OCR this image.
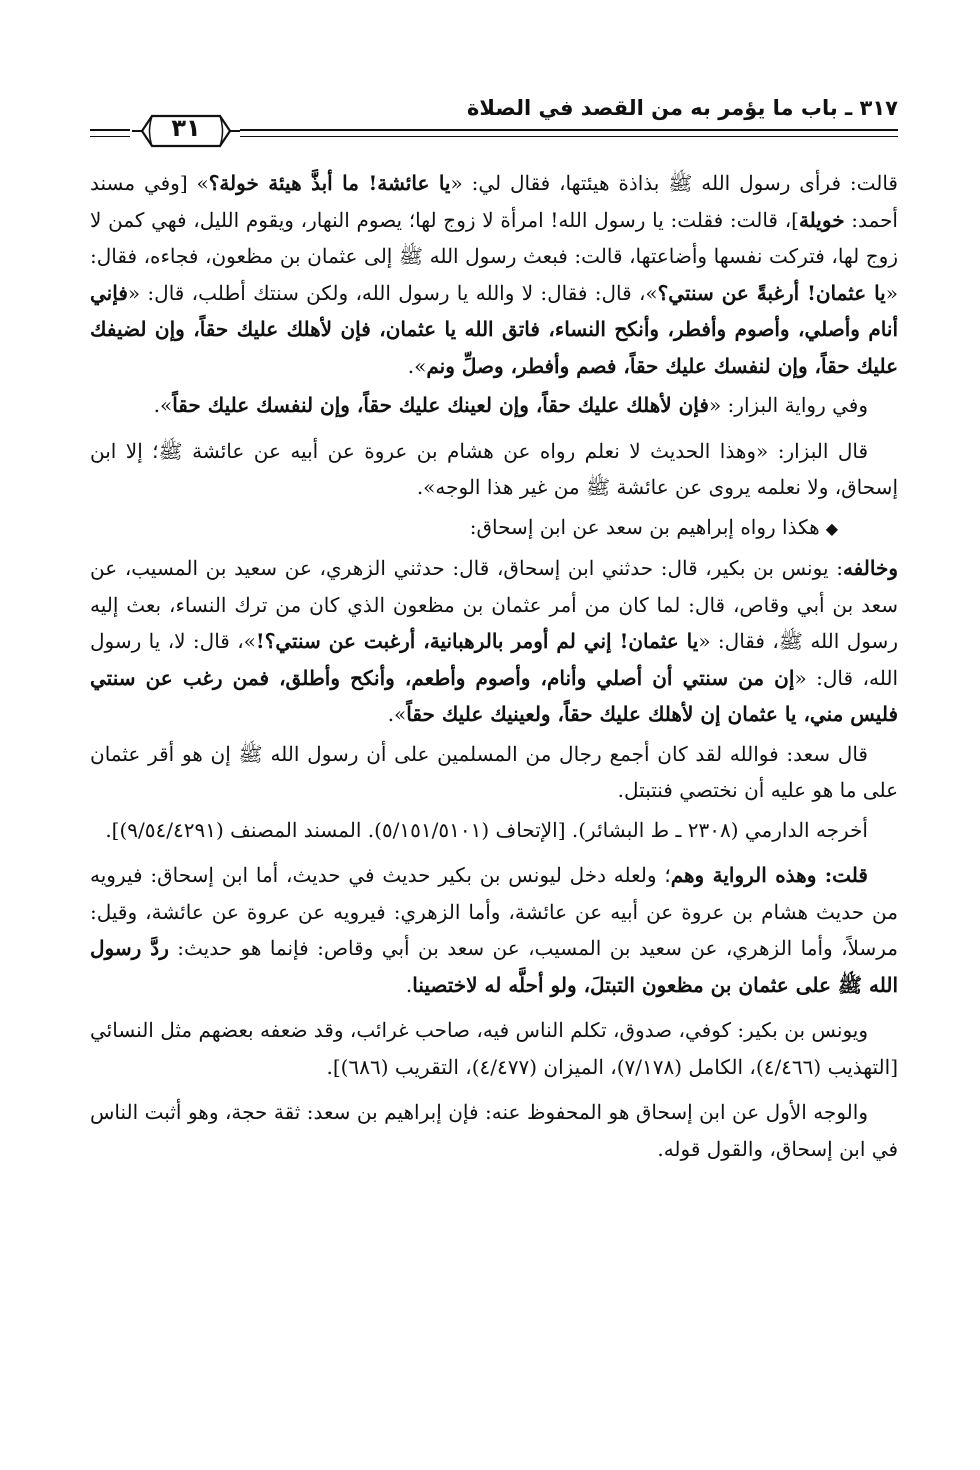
٣١٧ ـ باب ما يؤمر به من القصد في الصلاة
٣١

قالت: فرأى رسول الله ﷺ بذاذة هيئتها، فقال لي: «يا عائشة! ما أبذَّ هيئة خولة؟» [وفي مسند أحمد: خويلة]، قالت: فقلت: يا رسول الله! امرأة لا زوج لها؛ يصوم النهار، ويقوم الليل، فهي كمن لا زوج لها، فتركت نفسها وأضاعتها، قالت: فبعث رسول الله ﷺ إلى عثمان بن مظعون، فجاءه، فقال: «يا عثمان! أرغبةً عن سنتي؟»، قال: فقال: لا والله يا رسول الله، ولكن سنتك أطلب، قال: «فإني أنام وأصلي، وأصوم وأفطر، وأنكح النساء، فاتق الله يا عثمان، فإن لأهلك عليك حقاً، وإن لضيفك عليك حقاً، وإن لنفسك عليك حقاً، فصم وأفطر، وصلِّ ونم».

وفي رواية البزار: «فإن لأهلك عليك حقاً، وإن لعينك عليك حقاً، وإن لنفسك عليك حقاً».

قال البزار: «وهذا الحديث لا نعلم رواه عن هشام بن عروة عن أبيه عن عائشة ﷺ؛ إلا ابن إسحاق، ولا نعلمه يروى عن عائشة ﷺ من غير هذا الوجه».

◆هكذا رواه إبراهيم بن سعد عن ابن إسحاق:

وخالفه: يونس بن بكير، قال: حدثني ابن إسحاق، قال: حدثني الزهري، عن سعيد بن المسيب، عن سعد بن أبي وقاص، قال: لما كان من أمر عثمان بن مظعون الذي كان من ترك النساء، بعث إليه رسول الله ﷺ، فقال: «يا عثمان! إني لم أومر بالرهبانية، أرغبت عن سنتي؟!»، قال: لا، يا رسول الله، قال: «إن من سنتي أن أصلي وأنام، وأصوم وأطعم، وأنكح وأطلق، فمن رغب عن سنتي فليس مني، يا عثمان إن لأهلك عليك حقاً، ولعينيك عليك حقاً».

قال سعد: فوالله لقد كان أجمع رجال من المسلمين على أن رسول الله ﷺ إن هو أقر عثمان على ما هو عليه أن نختصي فنتبتل.

أخرجه الدارمي (٢٣٠٨ ـ ط البشائر). [الإتحاف (٥/١٥١/٥١٠١). المسند المصنف (٩/٥٤/٤٢٩١)].

قلت: وهذه الرواية وهم؛ ولعله دخل ليونس بن بكير حديث في حديث، أما ابن إسحاق: فيرويه من حديث هشام بن عروة عن أبيه عن عائشة، وأما الزهري: فيرويه عن عروة عن عائشة، وقيل: مرسلاً، وأما الزهري، عن سعيد بن المسيب، عن سعد بن أبي وقاص: فإنما هو حديث: ردَّ رسول الله ﷺ على عثمان بن مظعون التبتلَ، ولو أحلَّه له لاختصينا.

ويونس بن بكير: كوفي، صدوق، تكلم الناس فيه، صاحب غرائب، وقد ضعفه بعضهم مثل النسائي [التهذيب (٤/٤٦٦)، الكامل (٧/١٧٨)، الميزان (٤/٤٧٧)، التقريب (٦٨٦)].

والوجه الأول عن ابن إسحاق هو المحفوظ عنه: فإن إبراهيم بن سعد: ثقة حجة، وهو أثبت الناس في ابن إسحاق، والقول قوله.
